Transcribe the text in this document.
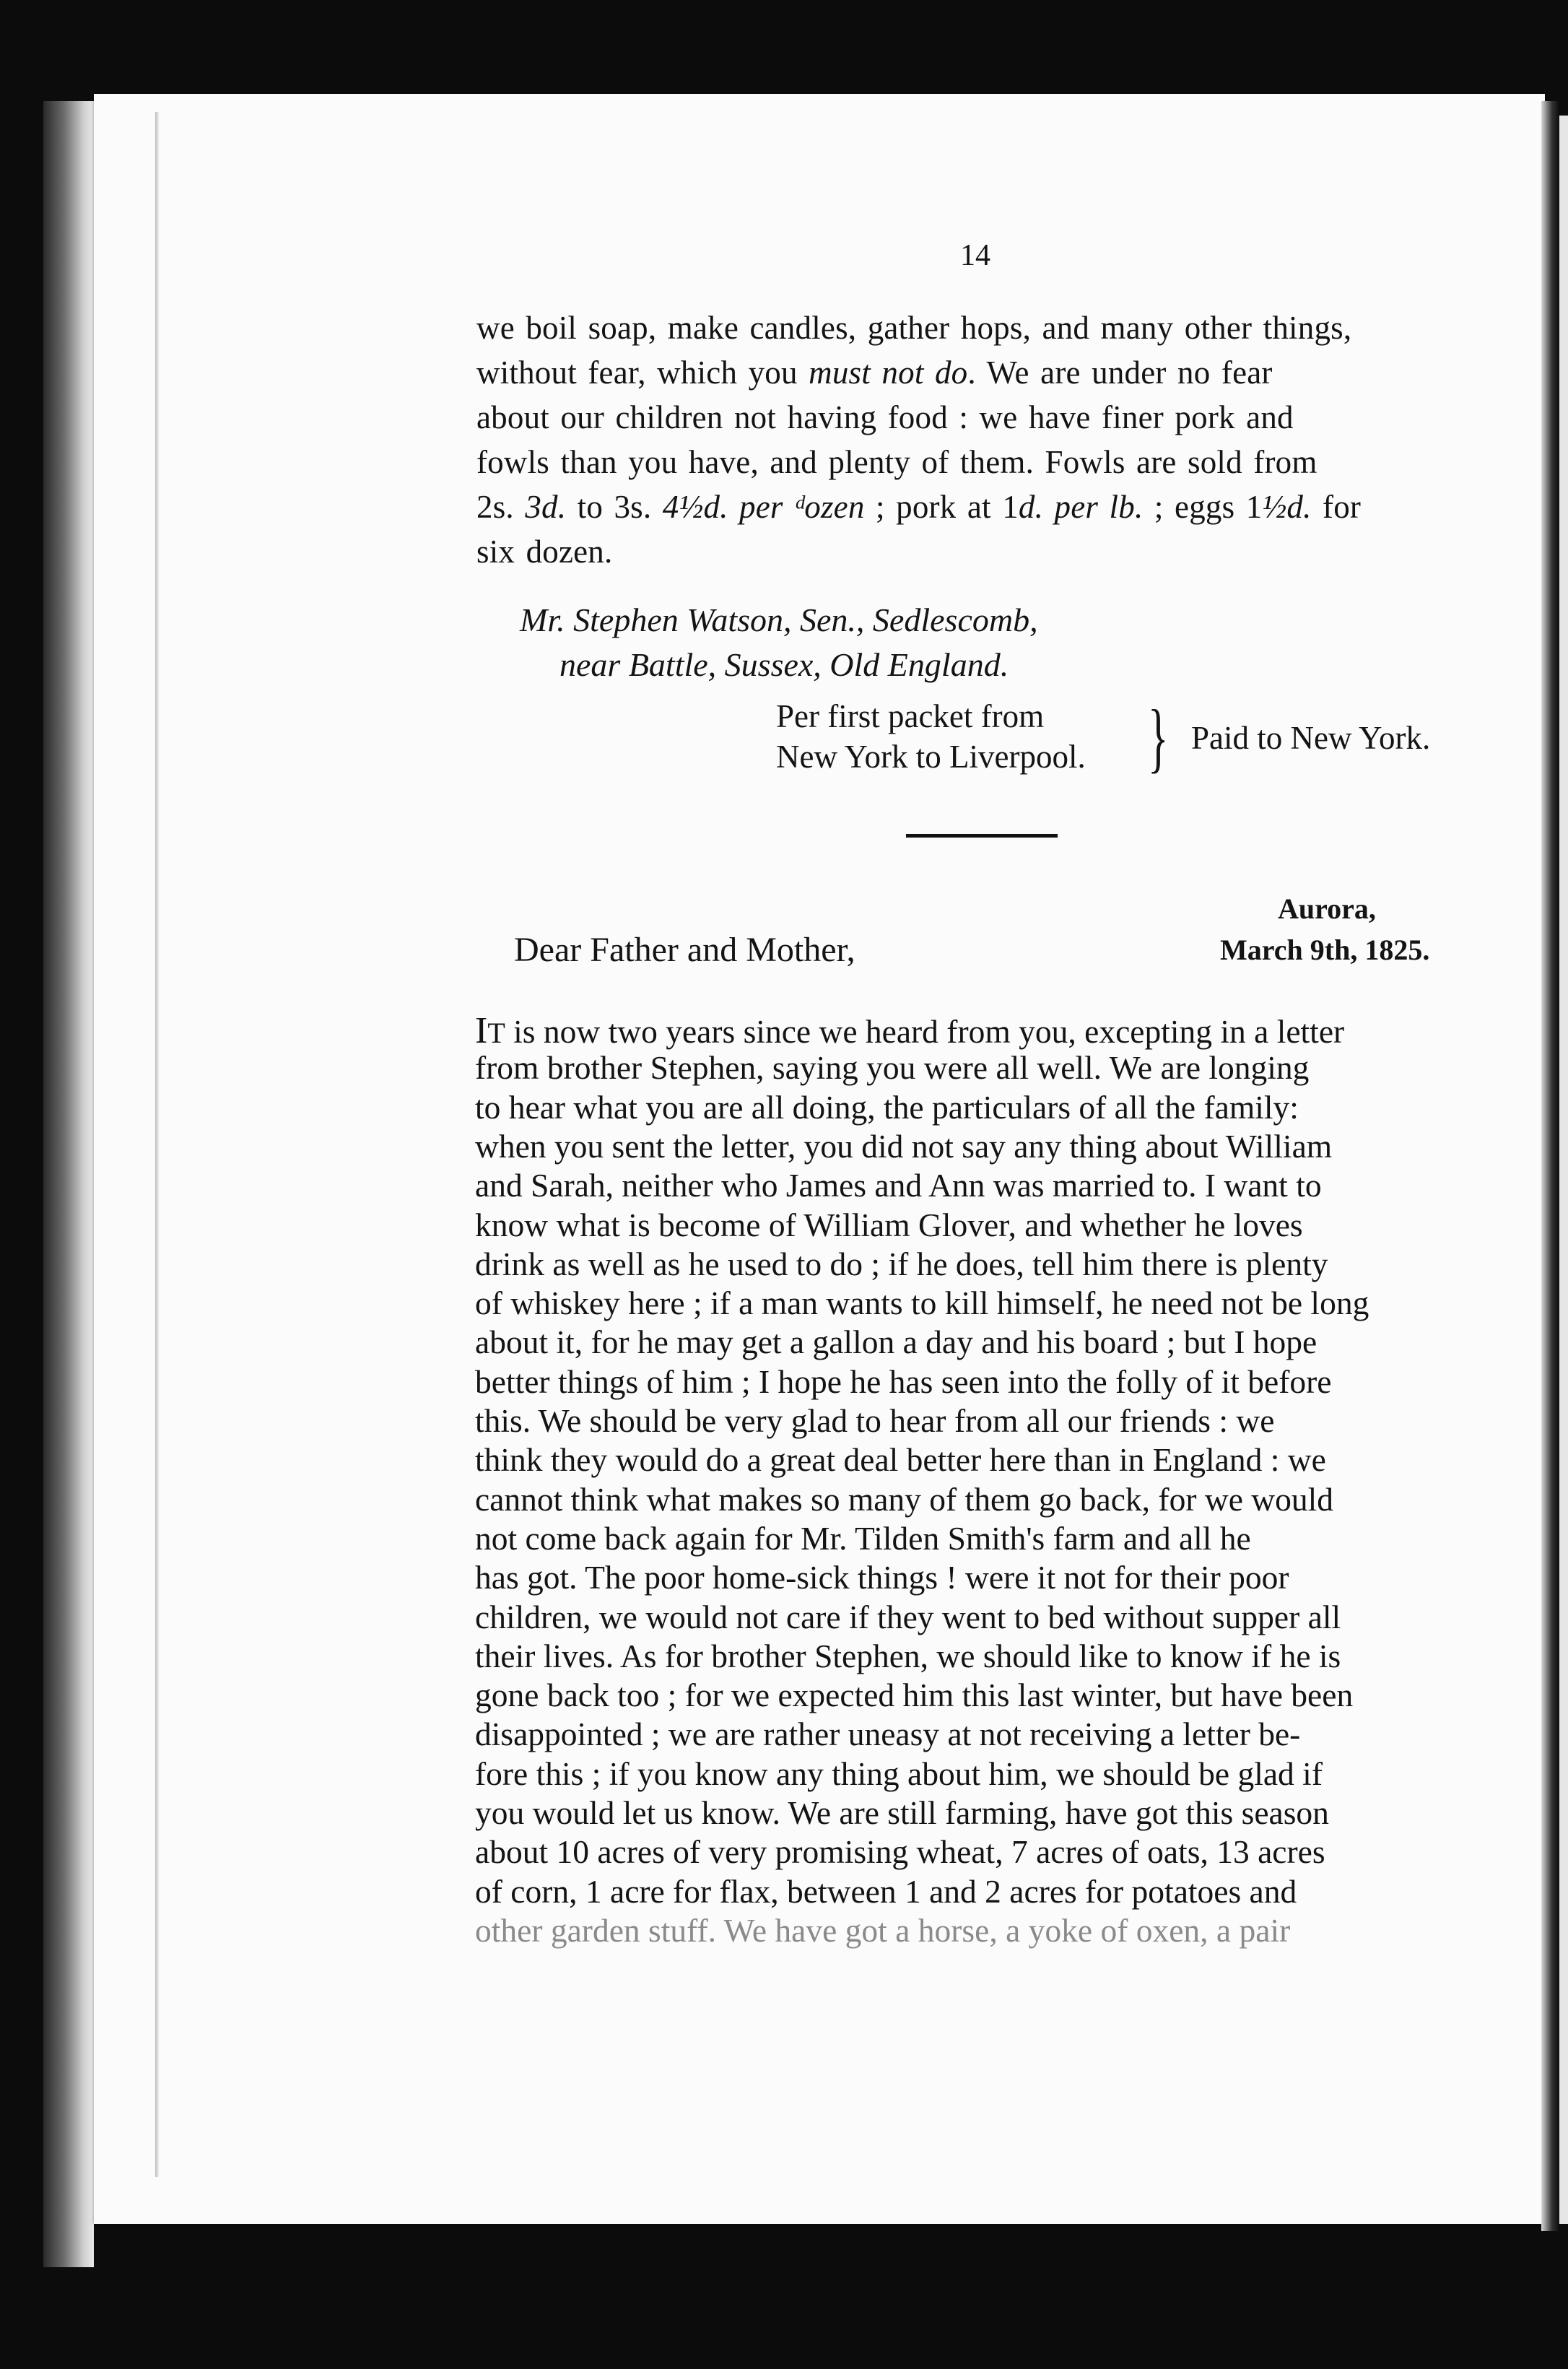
14
we boil soap, make candles, gather hops, and many other things,
without fear, which you must not do. We are under no fear
about our children not having food : we have finer pork and
fowls than you have, and plenty of them. Fowls are sold from
2s. 3d. to 3s. 4½d. per ᵈozen ; pork at 1d. per lb. ; eggs 1½d. for
six dozen.
Mr. Stephen Watson, Sen., Sedlescomb,
near Battle, Sussex, Old England.
Per first packet from
New York to Liverpool. } Paid to New York.
Aurora,
March 9th, 1825.
Dear Father and Mother,
IT is now two years since we heard from you, excepting in a letter
from brother Stephen, saying you were all well. We are longing
to hear what you are all doing, the particulars of all the family:
when you sent the letter, you did not say any thing about William
and Sarah, neither who James and Ann was married to. I want to
know what is become of William Glover, and whether he loves
drink as well as he used to do ; if he does, tell him there is plenty
of whiskey here ; if a man wants to kill himself, he need not be long
about it, for he may get a gallon a day and his board ; but I hope
better things of him ; I hope he has seen into the folly of it before
this. We should be very glad to hear from all our friends : we
think they would do a great deal better here than in England : we
cannot think what makes so many of them go back, for we would
not come back again for Mr. Tilden Smith's farm and all he
has got. The poor home-sick things ! were it not for their poor
children, we would not care if they went to bed without supper all
their lives. As for brother Stephen, we should like to know if he is
gone back too ; for we expected him this last winter, but have been
disappointed ; we are rather uneasy at not receiving a letter be-
fore this ; if you know any thing about him, we should be glad if
you would let us know. We are still farming, have got this season
about 10 acres of very promising wheat, 7 acres of oats, 13 acres
of corn, 1 acre for flax, between 1 and 2 acres for potatoes and
other garden stuff. We have got a horse, a yoke of oxen, a pair
